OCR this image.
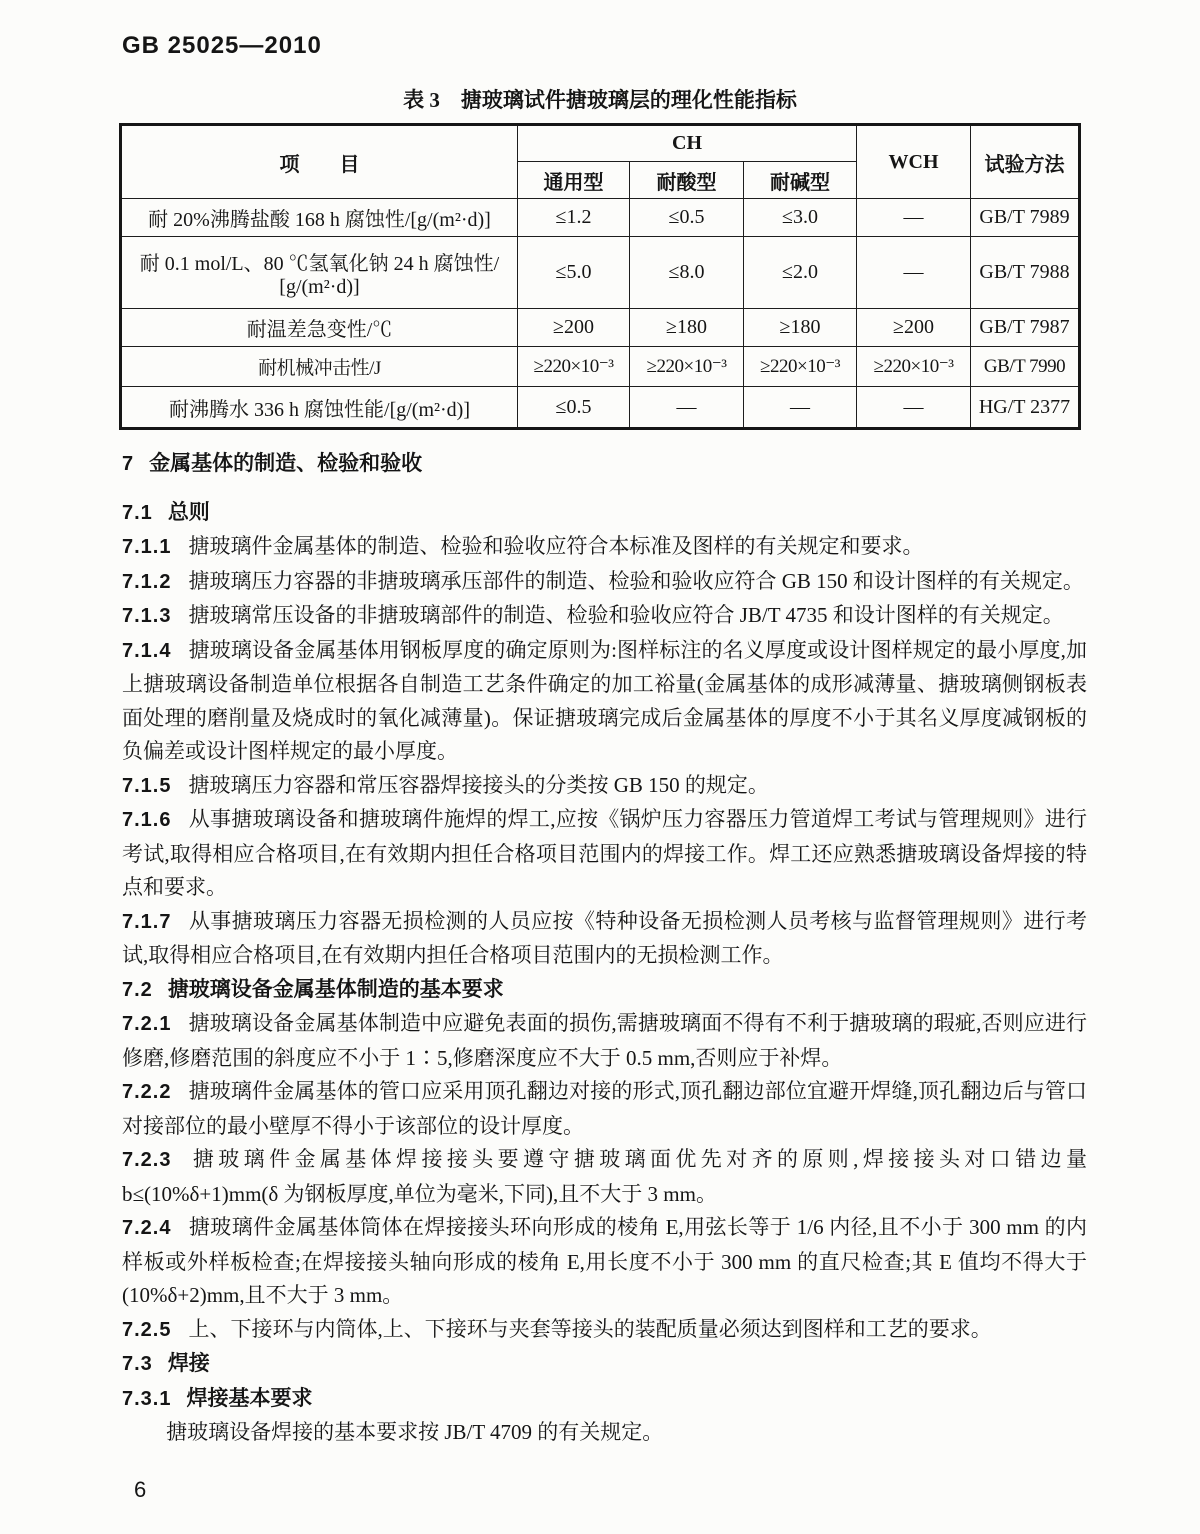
GB 25025—2010
表 3　搪玻璃试件搪玻璃层的理化性能指标
项　　目	CH			WCH	试验方法
	通用型	耐酸型	耐碱型		
耐 20%沸腾盐酸 168 h 腐蚀性/[g/(m²·d)]	≤1.2	≤0.5	≤3.0	—	GB/T 7989
耐 0.1 mol/L、80 ℃氢氧化钠 24 h 腐蚀性/ [g/(m²·d)]	≤5.0	≤8.0	≤2.0	—	GB/T 7988
耐温差急变性/℃	≥200	≥180	≥180	≥200	GB/T 7987
耐机械冲击性/J	≥220×10⁻³	≥220×10⁻³	≥220×10⁻³	≥220×10⁻³	GB/T 7990
耐沸腾水 336 h 腐蚀性能/[g/(m²·d)]	≤0.5	—	—	—	HG/T 2377

7 金属基体的制造、检验和验收

7.1 总则

7.1.1 搪玻璃件金属基体的制造、检验和验收应符合本标准及图样的有关规定和要求。

7.1.2 搪玻璃压力容器的非搪玻璃承压部件的制造、检验和验收应符合 GB 150 和设计图样的有关规定。

7.1.3 搪玻璃常压设备的非搪玻璃部件的制造、检验和验收应符合 JB/T 4735 和设计图样的有关规定。

7.1.4 搪玻璃设备金属基体用钢板厚度的确定原则为:图样标注的名义厚度或设计图样规定的最小厚度,加上搪玻璃设备制造单位根据各自制造工艺条件确定的加工裕量(金属基体的成形减薄量、搪玻璃侧钢板表面处理的磨削量及烧成时的氧化减薄量)。保证搪玻璃完成后金属基体的厚度不小于其名义厚度减钢板的负偏差或设计图样规定的最小厚度。

7.1.5 搪玻璃压力容器和常压容器焊接接头的分类按 GB 150 的规定。

7.1.6 从事搪玻璃设备和搪玻璃件施焊的焊工,应按《锅炉压力容器压力管道焊工考试与管理规则》进行考试,取得相应合格项目,在有效期内担任合格项目范围内的焊接工作。焊工还应熟悉搪玻璃设备焊接的特点和要求。

7.1.7 从事搪玻璃压力容器无损检测的人员应按《特种设备无损检测人员考核与监督管理规则》进行考试,取得相应合格项目,在有效期内担任合格项目范围内的无损检测工作。

7.2 搪玻璃设备金属基体制造的基本要求

7.2.1 搪玻璃设备金属基体制造中应避免表面的损伤,需搪玻璃面不得有不利于搪玻璃的瑕疵,否则应进行修磨,修磨范围的斜度应不小于 1∶5,修磨深度应不大于 0.5 mm,否则应于补焊。

7.2.2 搪玻璃件金属基体的管口应采用顶孔翻边对接的形式,顶孔翻边部位宜避开焊缝,顶孔翻边后与管口对接部位的最小壁厚不得小于该部位的设计厚度。

7.2.3 搪玻璃件金属基体焊接接头要遵守搪玻璃面优先对齐的原则,焊接接头对口错边量 b≤(10%δ+1)mm(δ 为钢板厚度,单位为毫米,下同),且不大于 3 mm。

7.2.4 搪玻璃件金属基体筒体在焊接接头环向形成的棱角 E,用弦长等于 1/6 内径,且不小于 300 mm 的内样板或外样板检查;在焊接接头轴向形成的棱角 E,用长度不小于 300 mm 的直尺检查;其 E 值均不得大于(10%δ+2)mm,且不大于 3 mm。

7.2.5 上、下接环与内筒体,上、下接环与夹套等接头的装配质量必须达到图样和工艺的要求。

7.3 焊接

7.3.1 焊接基本要求

搪玻璃设备焊接的基本要求按 JB/T 4709 的有关规定。

6
